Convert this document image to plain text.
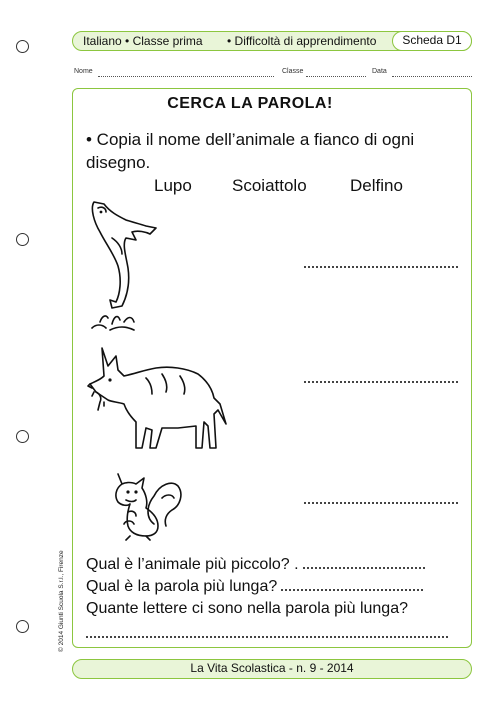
Italiano • Classe prima • Difficoltà di apprendimento	Scheda D1
Nome	Classe	Data
CERCA LA PAROLA!
• Copia il nome dell’animale a fianco di ogni disegno.
Lupo Scoiattolo	Delfino
Qual è l’animale più piccolo? .
Qual è la parola più lunga?
Quante lettere ci sono nella parola più lunga?
© 2014 Giunti Scuola S.r.l., Firenze
La Vita Scolastica - n. 9 - 2014
